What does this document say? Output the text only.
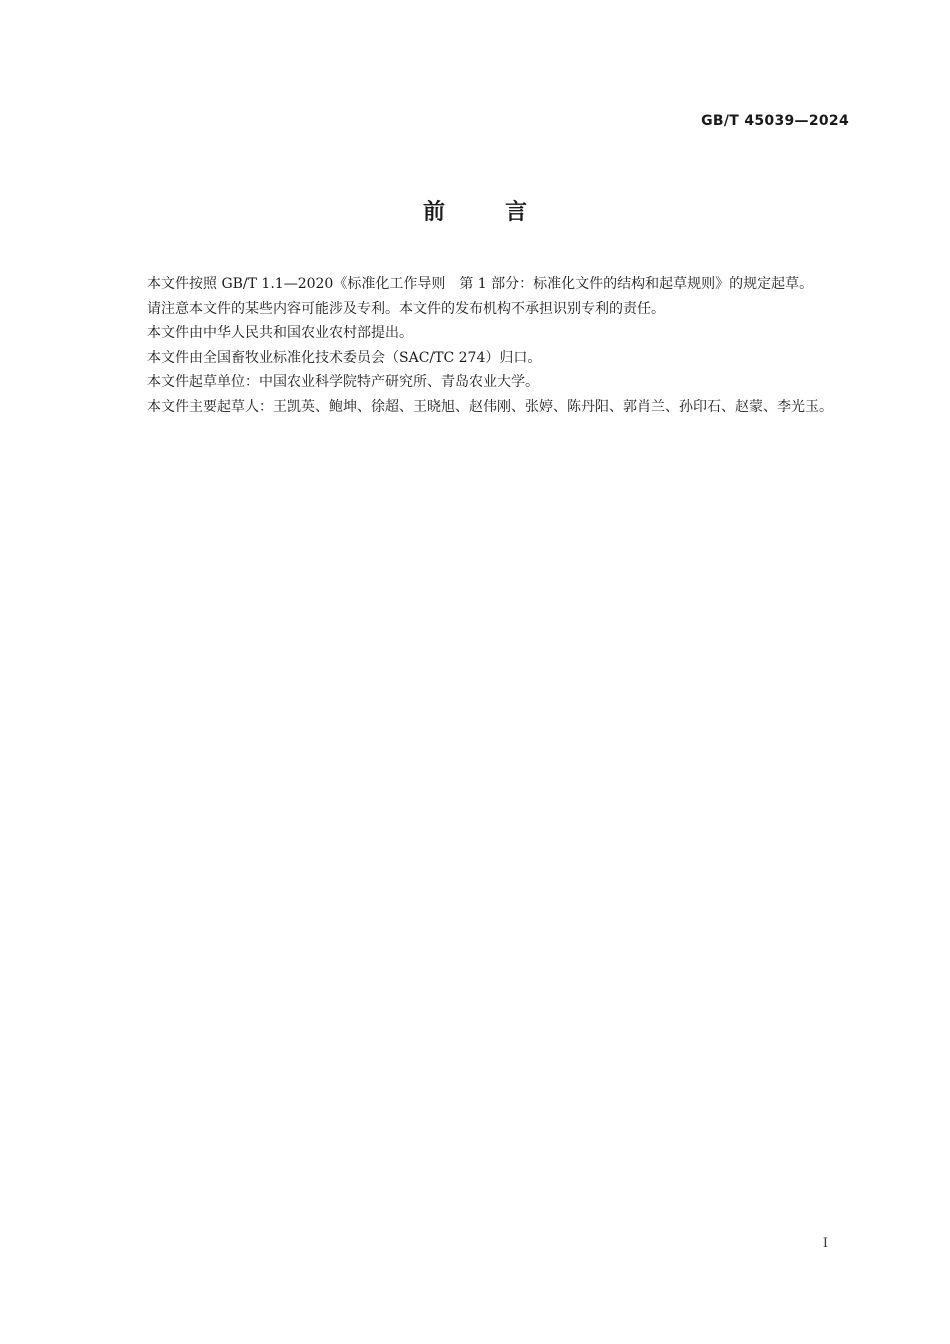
GB/T 45039—2024
前	言

本文件按照 GB/T 1.1—2020《标准化工作导则　第 1 部分：标准化文件的结构和起草规则》的规定起草。

请注意本文件的某些内容可能涉及专利。本文件的发布机构不承担识别专利的责任。

本文件由中华人民共和国农业农村部提出。

本文件由全国畜牧业标准化技术委员会（SAC/TC 274）归口。

本文件起草单位：中国农业科学院特产研究所、青岛农业大学。

本文件主要起草人：王凯英、鲍坤、徐超、王晓旭、赵伟刚、张婷、陈丹阳、郭肖兰、孙印石、赵蒙、李光玉。

I
